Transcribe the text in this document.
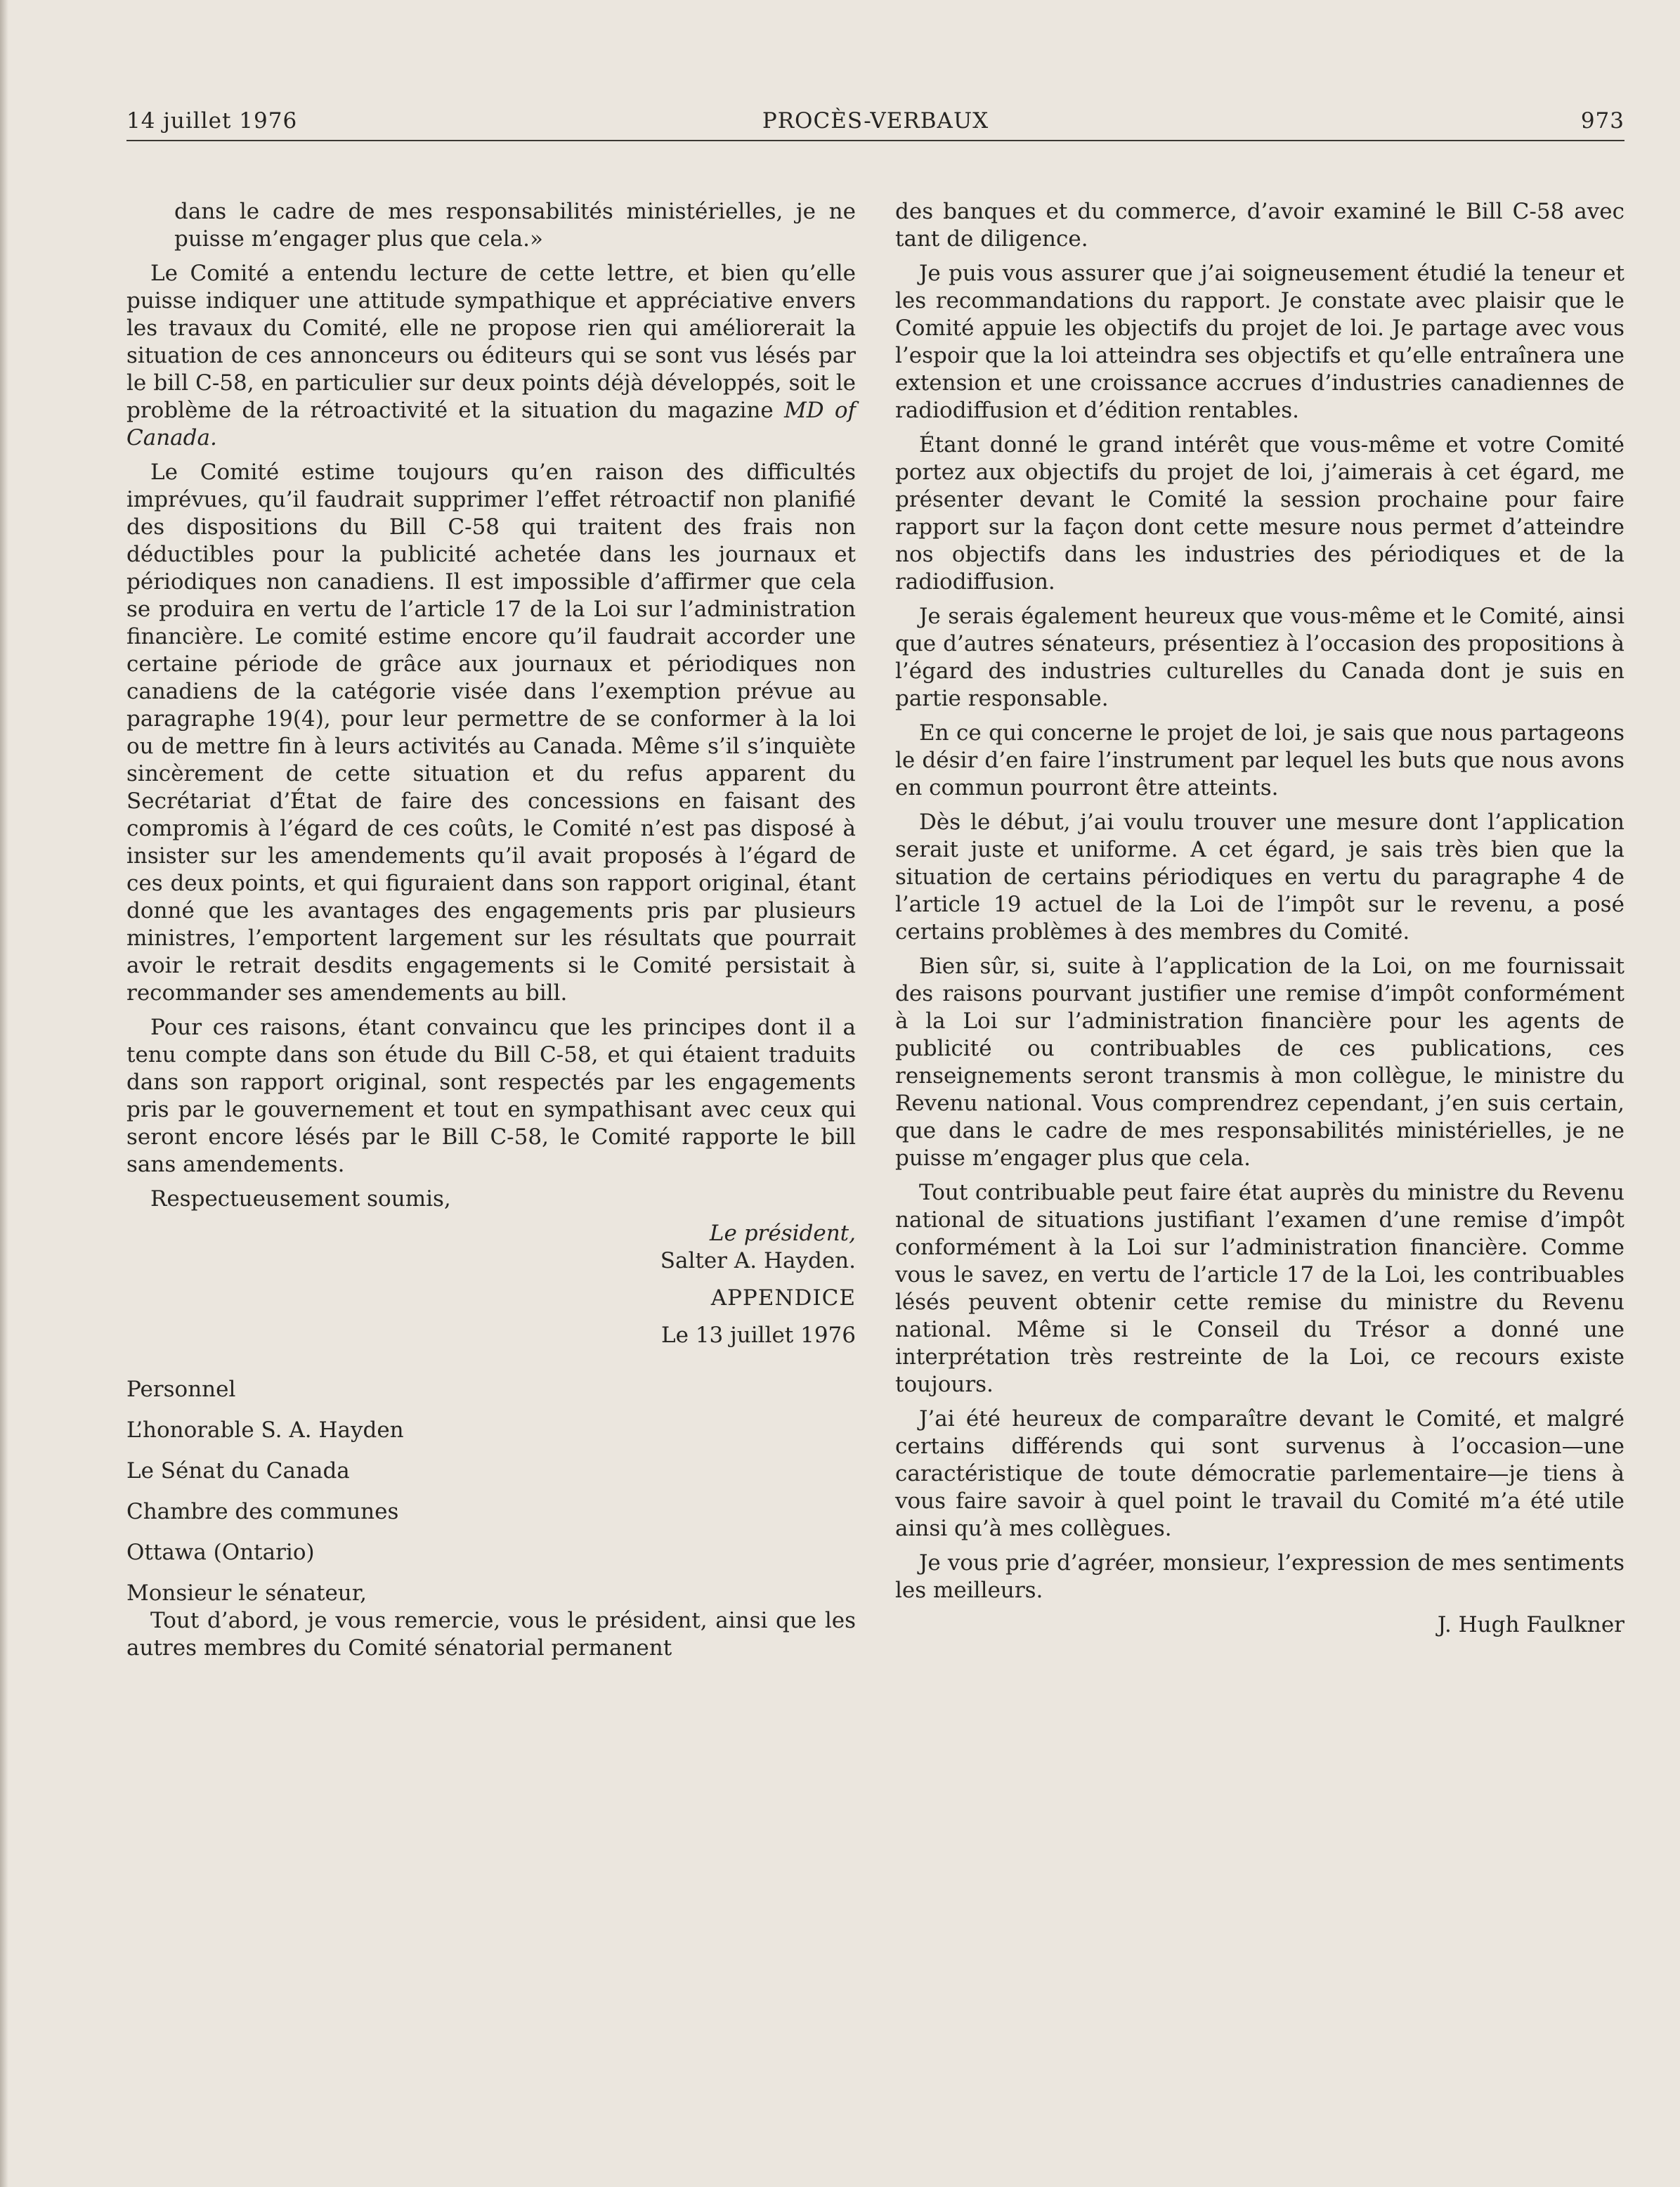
14 juillet 1976	PROCÈS-VERBAUX	973

dans le cadre de mes responsabilités ministérielles, je ne puisse m’engager plus que cela.»

Le Comité a entendu lecture de cette lettre, et bien qu’elle puisse indiquer une attitude sympathique et appréciative envers les travaux du Comité, elle ne propose rien qui améliorerait la situation de ces annonceurs ou éditeurs qui se sont vus lésés par le bill C-58, en particulier sur deux points déjà développés, soit le problème de la rétroactivité et la situation du magazine MD of Canada.

Le Comité estime toujours qu’en raison des difficultés imprévues, qu’il faudrait supprimer l’effet rétroactif non planifié des dispositions du Bill C-58 qui traitent des frais non déductibles pour la publicité achetée dans les journaux et périodiques non canadiens. Il est impossible d’affirmer que cela se produira en vertu de l’article 17 de la Loi sur l’administration financière. Le comité estime encore qu’il faudrait accorder une certaine période de grâce aux journaux et périodiques non canadiens de la catégorie visée dans l’exemption prévue au paragraphe 19(4), pour leur permettre de se conformer à la loi ou de mettre fin à leurs activités au Canada. Même s’il s’inquiète sincèrement de cette situation et du refus apparent du Secrétariat d’État de faire des concessions en faisant des compromis à l’égard de ces coûts, le Comité n’est pas disposé à insister sur les amendements qu’il avait proposés à l’égard de ces deux points, et qui figuraient dans son rapport original, étant donné que les avantages des engagements pris par plusieurs ministres, l’emportent largement sur les résultats que pourrait avoir le retrait desdits engagements si le Comité persistait à recommander ses amendements au bill.

Pour ces raisons, étant convaincu que les principes dont il a tenu compte dans son étude du Bill C-58, et qui étaient traduits dans son rapport original, sont respectés par les engagements pris par le gouvernement et tout en sympathisant avec ceux qui seront encore lésés par le Bill C-58, le Comité rapporte le bill sans amendements.

Respectueusement soumis,

Le président,

Salter A. Hayden.

APPENDICE

Le 13 juillet 1976

Personnel

L’honorable S. A. Hayden

Le Sénat du Canada

Chambre des communes

Ottawa (Ontario)

Monsieur le sénateur,

Tout d’abord, je vous remercie, vous le président, ainsi que les autres membres du Comité sénatorial permanent

des banques et du commerce, d’avoir examiné le Bill C-58 avec tant de diligence.

Je puis vous assurer que j’ai soigneusement étudié la teneur et les recommandations du rapport. Je constate avec plaisir que le Comité appuie les objectifs du projet de loi. Je partage avec vous l’espoir que la loi atteindra ses objectifs et qu’elle entraînera une extension et une croissance accrues d’industries canadiennes de radiodiffusion et d’édition rentables.

Étant donné le grand intérêt que vous-même et votre Comité portez aux objectifs du projet de loi, j’aimerais à cet égard, me présenter devant le Comité la session prochaine pour faire rapport sur la façon dont cette mesure nous permet d’atteindre nos objectifs dans les industries des périodiques et de la radiodiffusion.

Je serais également heureux que vous-même et le Comité, ainsi que d’autres sénateurs, présentiez à l’occasion des propositions à l’égard des industries culturelles du Canada dont je suis en partie responsable.

En ce qui concerne le projet de loi, je sais que nous partageons le désir d’en faire l’instrument par lequel les buts que nous avons en commun pourront être atteints.

Dès le début, j’ai voulu trouver une mesure dont l’application serait juste et uniforme. A cet égard, je sais très bien que la situation de certains périodiques en vertu du paragraphe 4 de l’article 19 actuel de la Loi de l’impôt sur le revenu, a posé certains problèmes à des membres du Comité.

Bien sûr, si, suite à l’application de la Loi, on me fournissait des raisons pourvant justifier une remise d’impôt conformément à la Loi sur l’administration financière pour les agents de publicité ou contribuables de ces publications, ces renseignements seront transmis à mon collègue, le ministre du Revenu national. Vous comprendrez cependant, j’en suis certain, que dans le cadre de mes responsabilités ministérielles, je ne puisse m’engager plus que cela.

Tout contribuable peut faire état auprès du ministre du Revenu national de situations justifiant l’examen d’une remise d’impôt conformément à la Loi sur l’administration financière. Comme vous le savez, en vertu de l’article 17 de la Loi, les contribuables lésés peuvent obtenir cette remise du ministre du Revenu national. Même si le Conseil du Trésor a donné une interprétation très restreinte de la Loi, ce recours existe toujours.

J’ai été heureux de comparaître devant le Comité, et malgré certains différends qui sont survenus à l’occasion—une caractéristique de toute démocratie parlementaire—je tiens à vous faire savoir à quel point le travail du Comité m’a été utile ainsi qu’à mes collègues.

Je vous prie d’agréer, monsieur, l’expression de mes sentiments les meilleurs.

J. Hugh Faulkner
